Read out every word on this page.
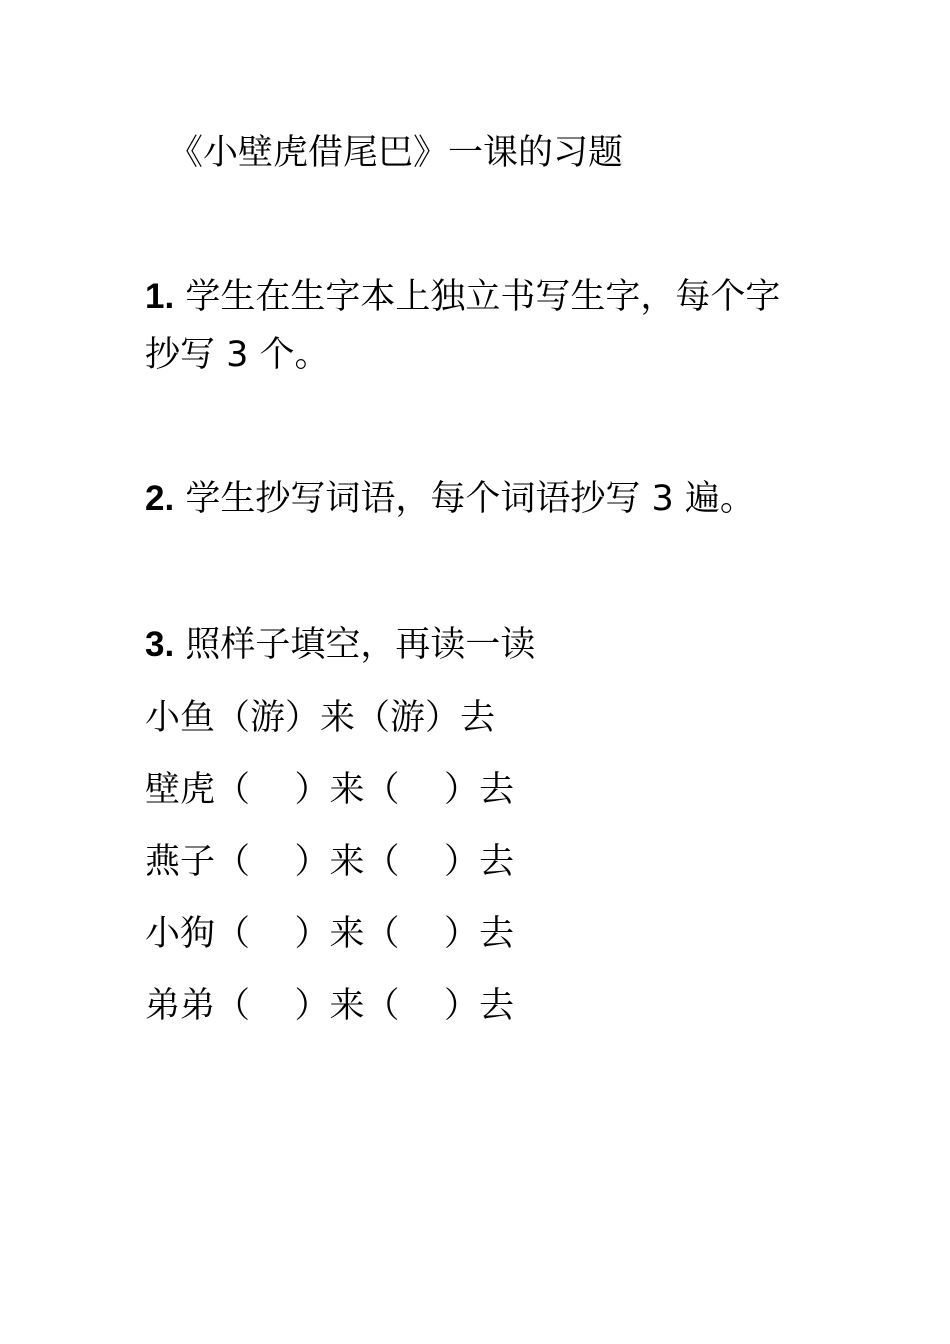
《小壁虎借尾巴》一课的习题
1. 学生在生字本上独立书写生字，每个字抄写 3 个。
2. 学生抄写词语，每个词语抄写 3 遍。
3. 照样子填空，再读一读
小鱼（游）来（游）去
壁虎（    ）来（    ）去
燕子（    ）来（    ）去
小狗（    ）来（    ）去
弟弟（    ）来（    ）去
